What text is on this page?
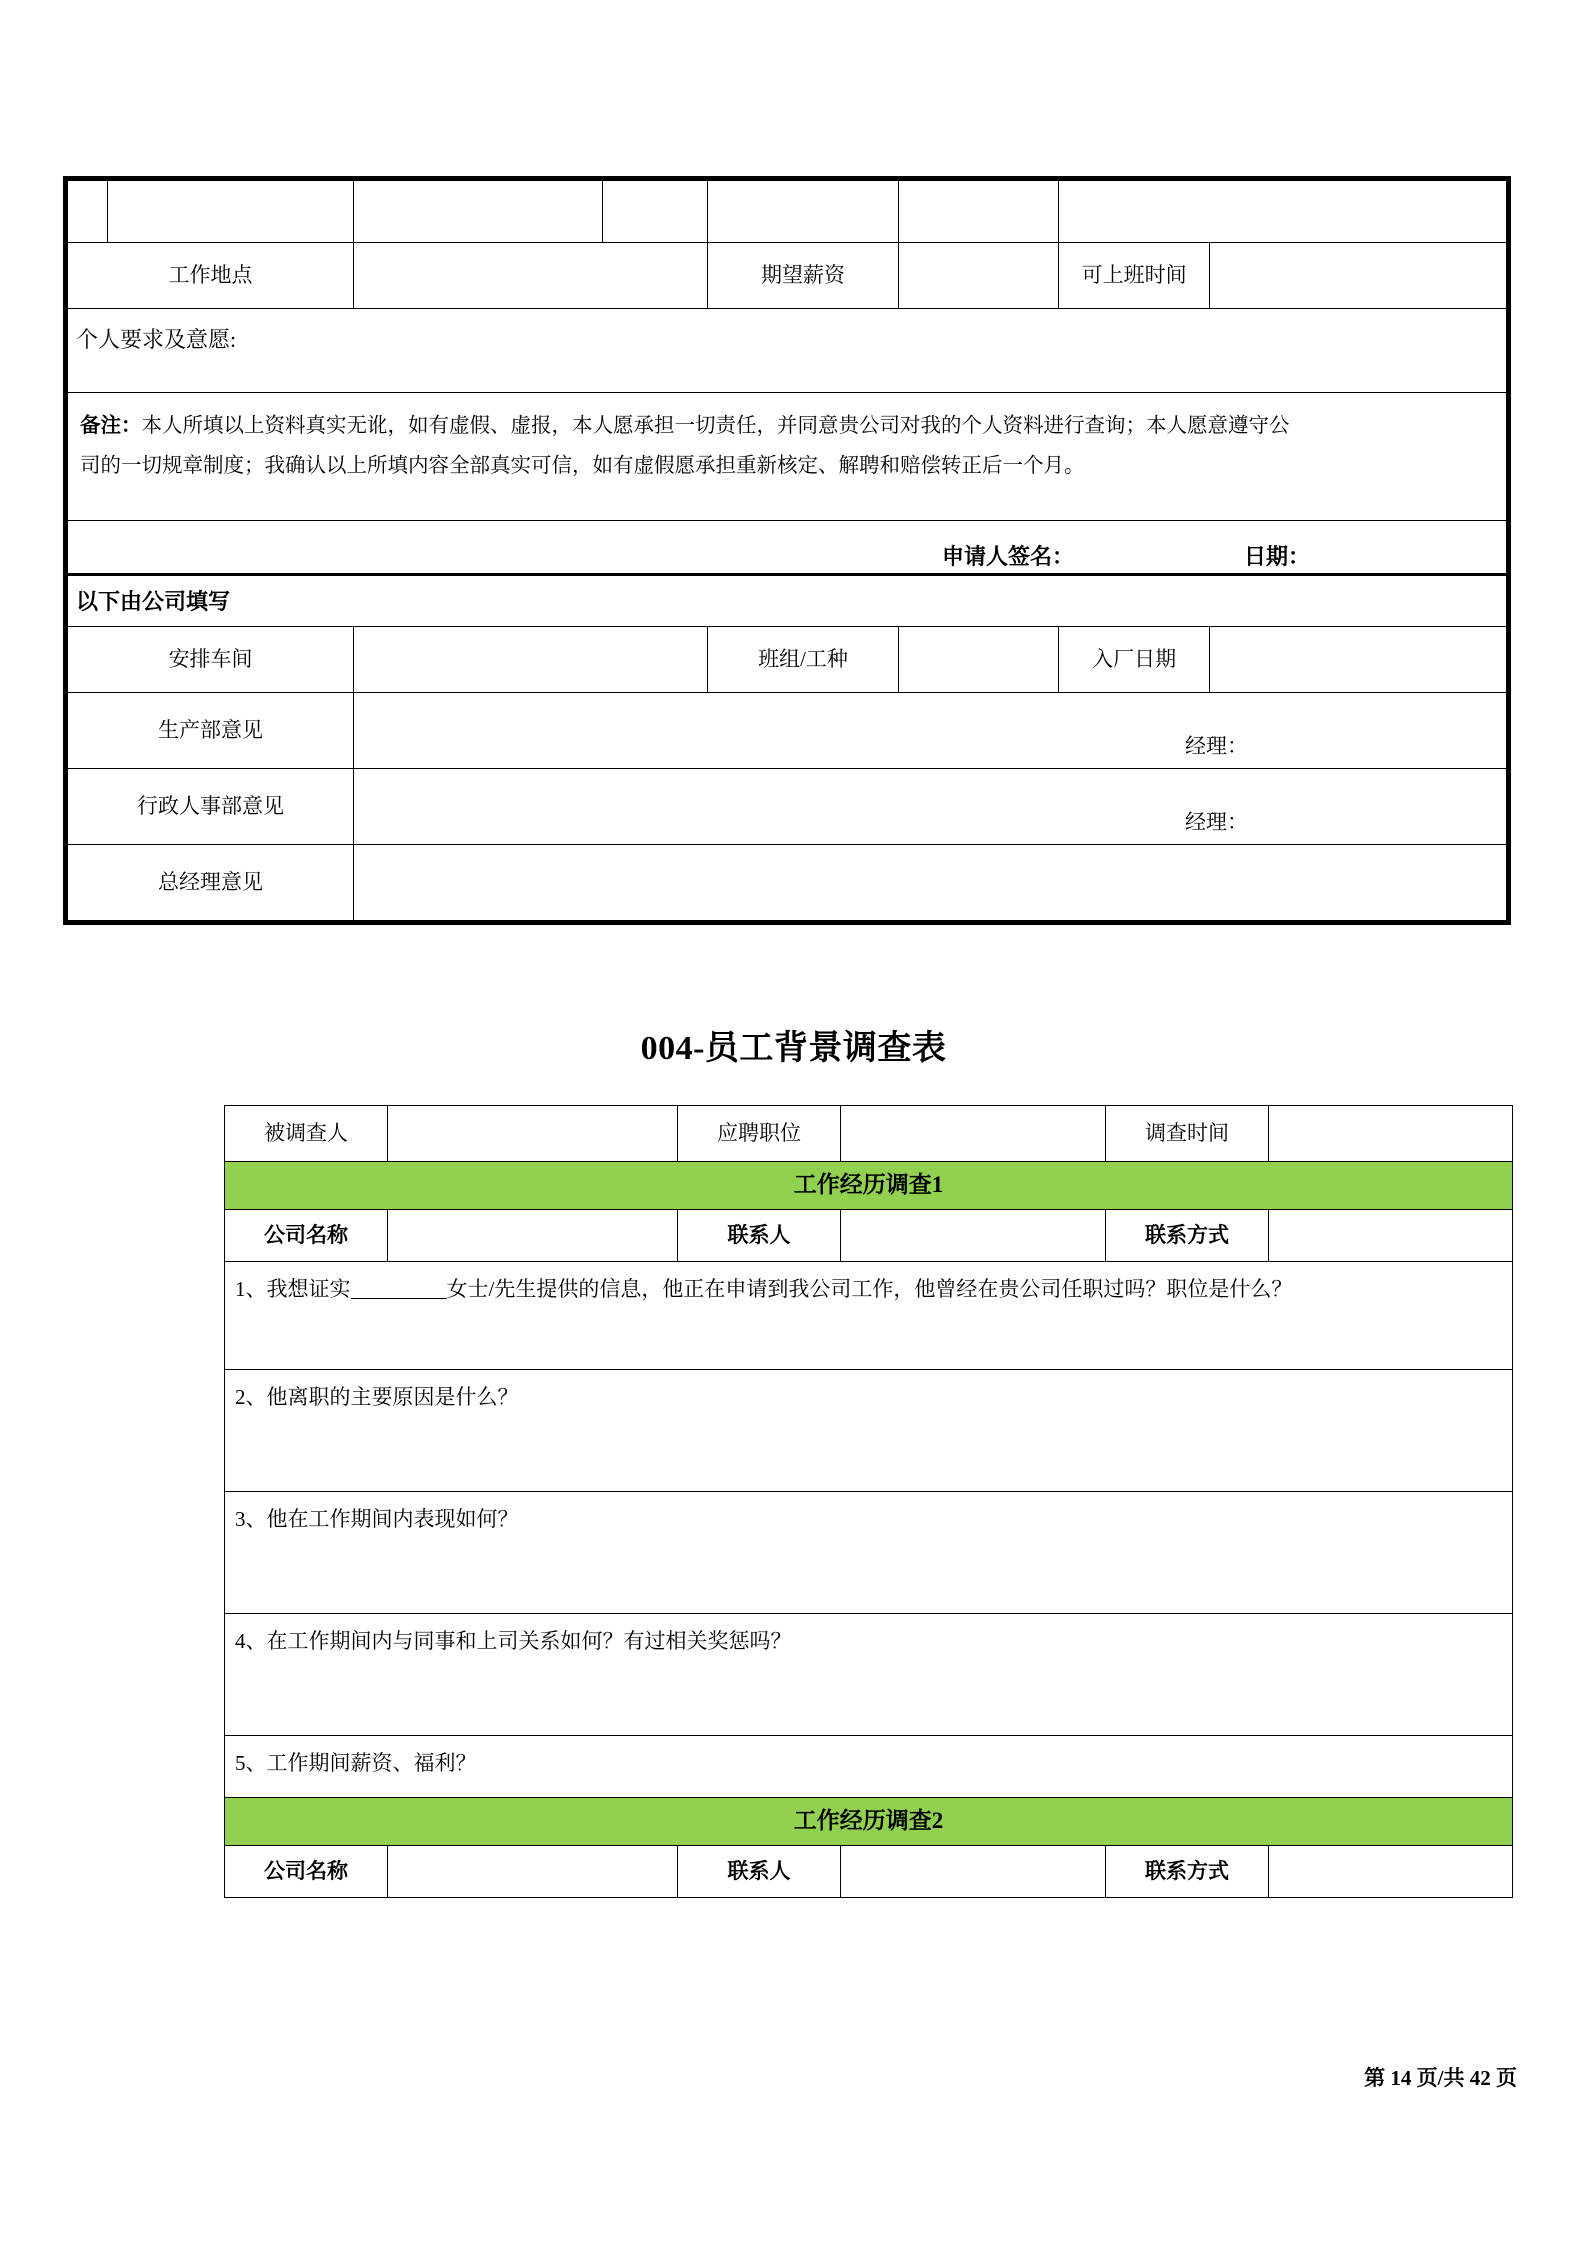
工作地点				期望薪资		可上班时间	
个人要求及意愿:							

备注：本人所填以上资料真实无讹，如有虚假、虚报，本人愿承担一切责任，并同意贵公司对我的个人资料进行查询；本人愿意遵守公
司的一切规章制度；我确认以上所填内容全部真实可信，如有虚假愿承担重新核定、解聘和赔偿转正后一个月。							

申请人签名： 日期：							

以下由公司填写							
安排车间				班组/工种		入厂日期	
生产部意见		经理：					

行政人事部意见		经理：					

总经理意见							
004-员工背景调查表
被调查人		应聘职位		调查时间	
工作经历调查1					
公司名称		联系人		联系方式	
1、我想证实 女士/先生提供的信息，他正在申请到我公司工作，他曾经在贵公司任职过吗？职位是什么？					
2、他离职的主要原因是什么？					
3、他在工作期间内表现如何？					
4、在工作期间内与同事和上司关系如何？有过相关奖惩吗？					
5、工作期间薪资、福利？					
工作经历调查2					
公司名称		联系人		联系方式	
第 14 页/共 42 页
